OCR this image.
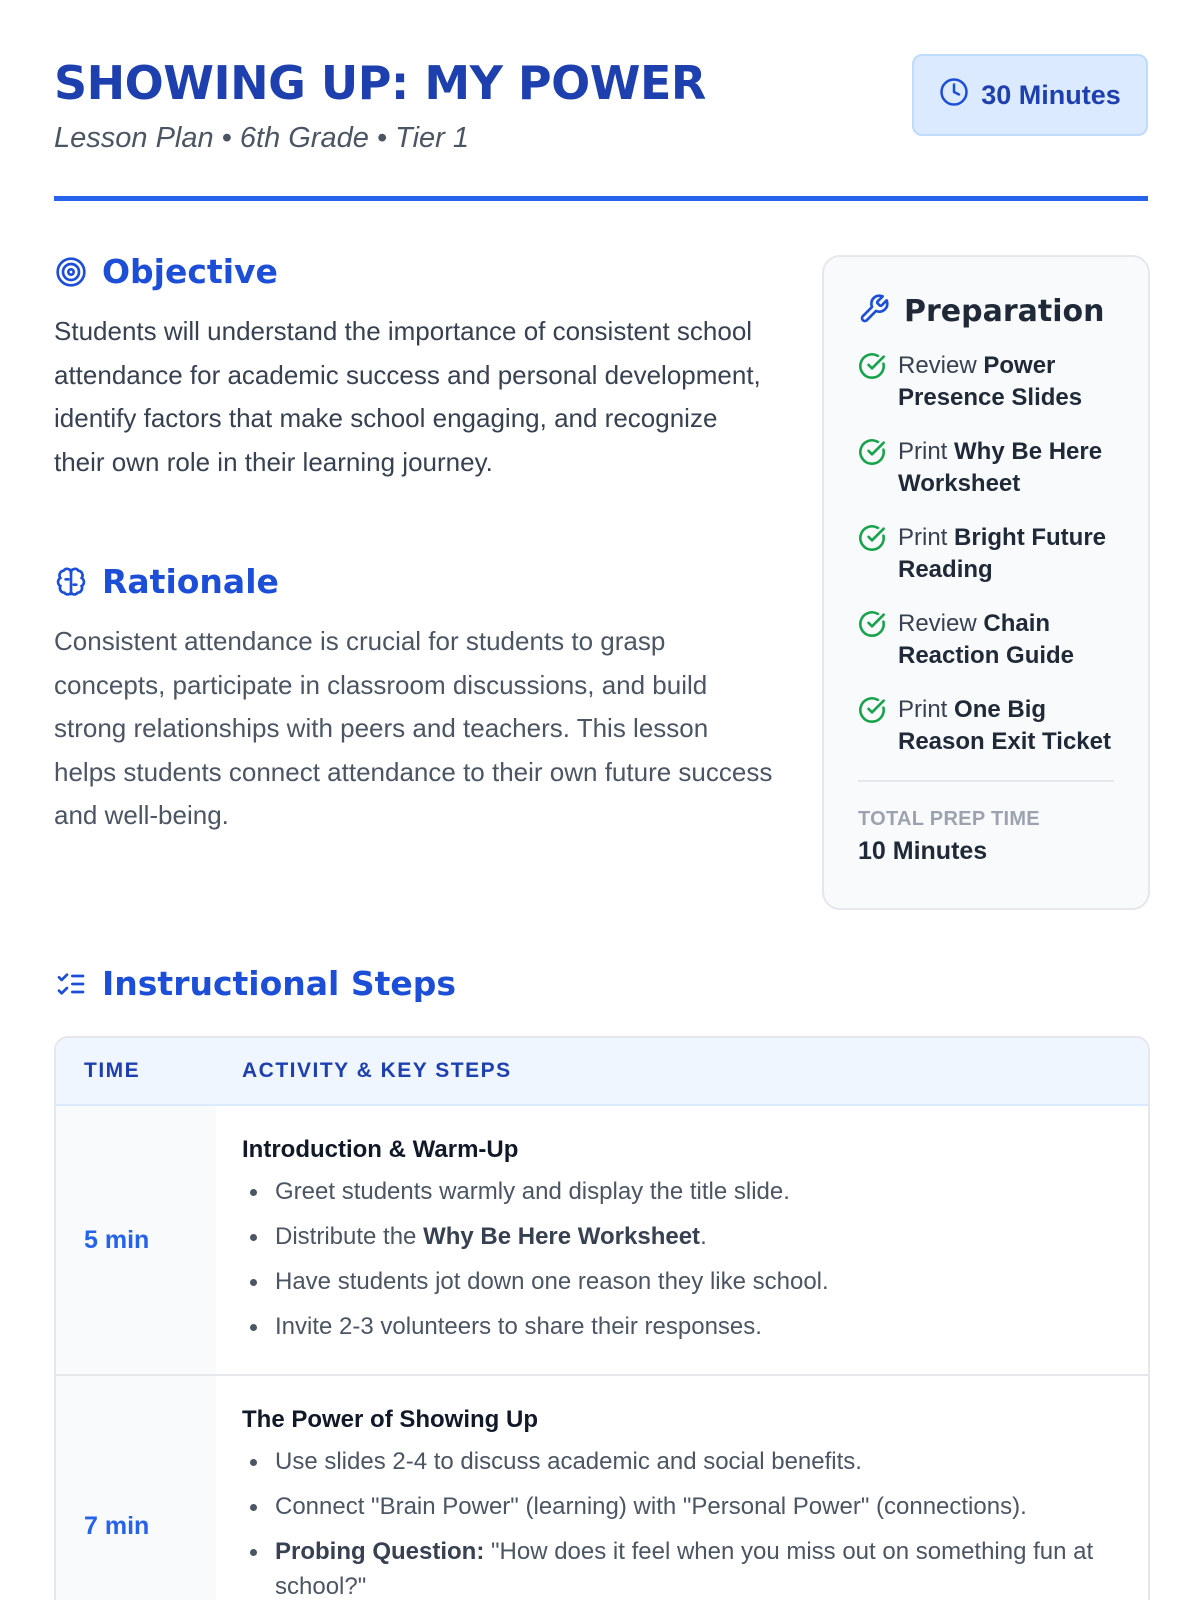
SHOWING UP: MY POWER
Lesson Plan • 6th Grade • Tier 1
30 Minutes
Objective

Students will understand the importance of consistent school attendance for academic success and personal development, identify factors that make school engaging, and recognize their own role in their learning journey.

Rationale

Consistent attendance is crucial for students to grasp concepts, participate in classroom discussions, and build strong relationships with peers and teachers. This lesson helps students connect attendance to their own future success and well-being.

Preparation
Review Power Presence Slides
Print Why Be Here Worksheet
Print Bright Future Reading
Review Chain Reaction Guide
Print One Big Reason Exit Ticket
TOTAL PREP TIME
10 Minutes
Instructional Steps
TIME	ACTIVITY & KEY STEPS
5 min
Introduction & Warm-Up
Greet students warmly and display the title slide.
Distribute the Why Be Here Worksheet.
Have students jot down one reason they like school.
Invite 2-3 volunteers to share their responses.
7 min
The Power of Showing Up
Use slides 2-4 to discuss academic and social benefits.
Connect "Brain Power" (learning) with "Personal Power" (connections).
Probing Question: "How does it feel when you miss out on something fun at school?"
